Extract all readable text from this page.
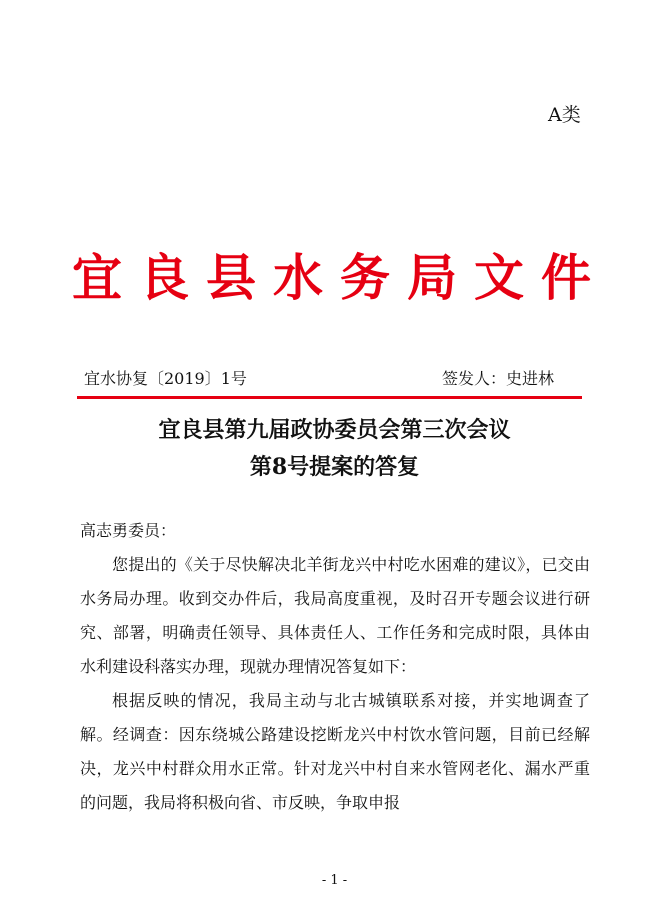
A类
宜良县水务局文件
宜水协复〔2019〕1号	签发人：史进林
宜良县第九届政协委员会第三次会议
第8号提案的答复

高志勇委员：

您提出的《关于尽快解决北羊街龙兴中村吃水困难的建议》，已交由水务局办理。收到交办件后，我局高度重视，及时召开专题会议进行研究、部署，明确责任领导、具体责任人、工作任务和完成时限，具体由水利建设科落实办理，现就办理情况答复如下：

根据反映的情况，我局主动与北古城镇联系对接，并实地调查了解。经调查：因东绕城公路建设挖断龙兴中村饮水管问题，目前已经解决，龙兴中村群众用水正常。针对龙兴中村自来水管网老化、漏水严重的问题，我局将积极向省、市反映，争取申报

- 1 -
